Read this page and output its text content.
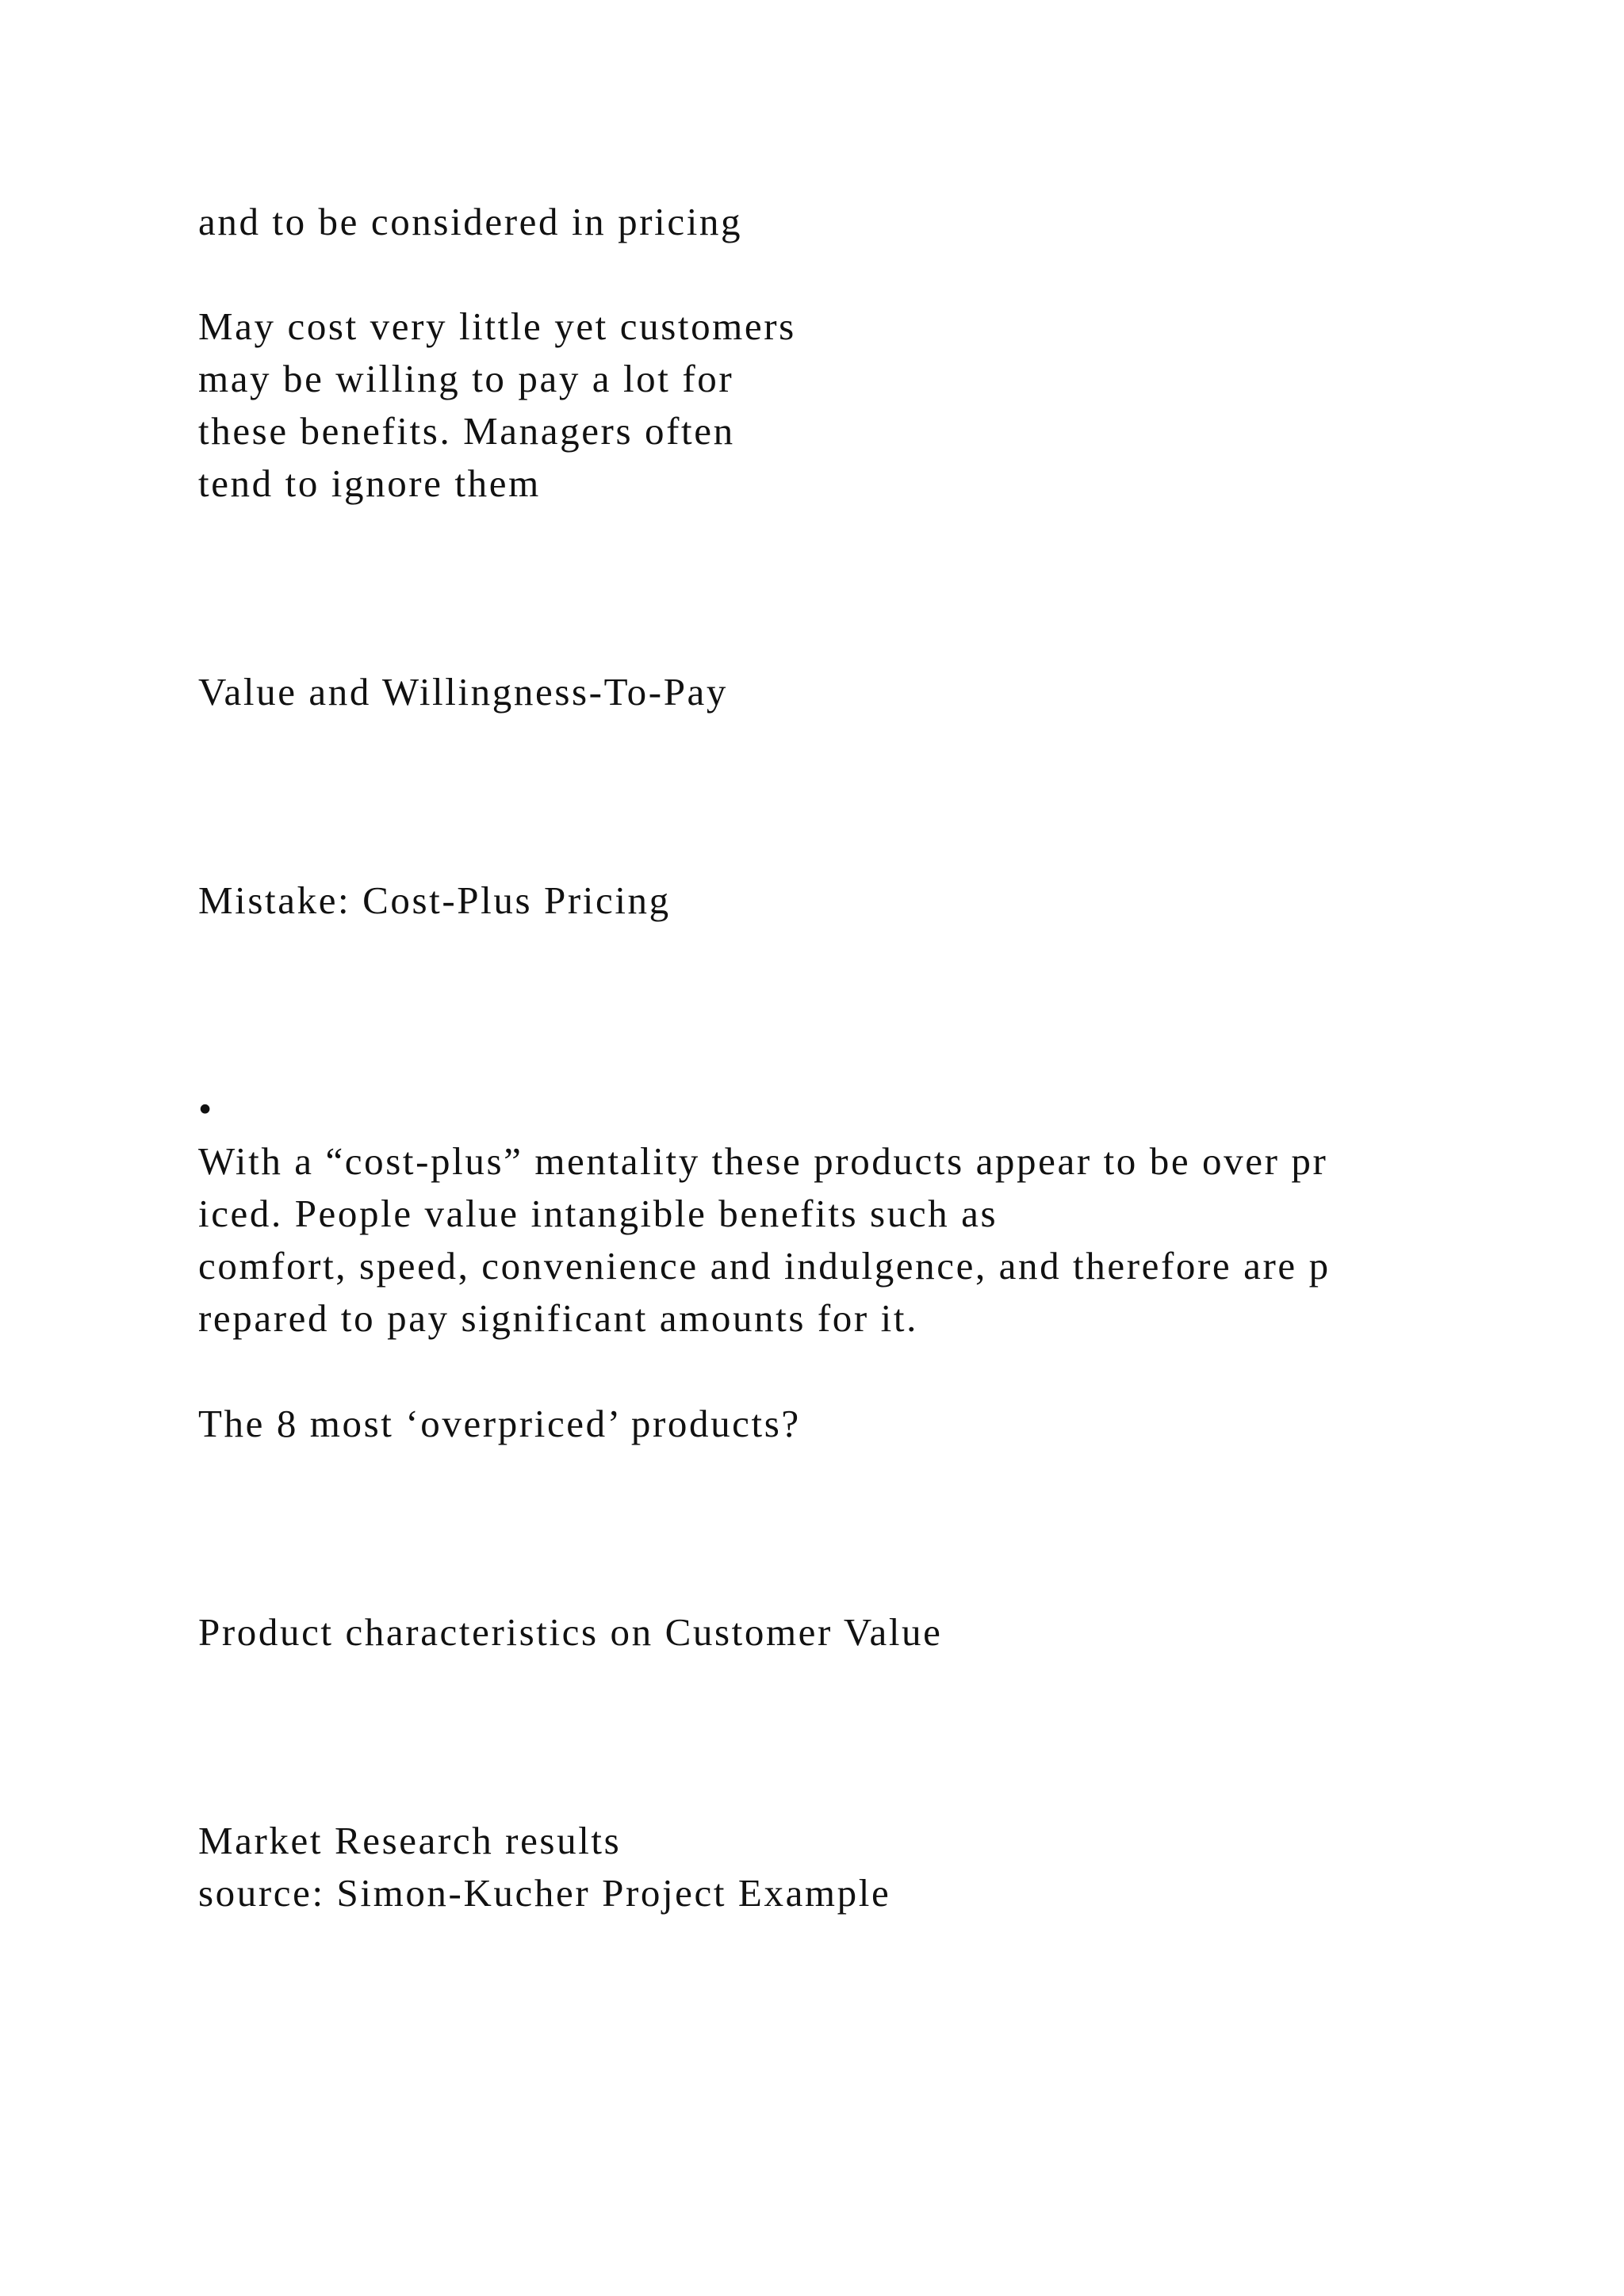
and to be considered in pricing
May cost very little yet customers
may be willing to pay a lot for
these benefits. Managers often
tend to ignore them
Value and Willingness-To-Pay
Mistake: Cost-Plus Pricing
•
With a “cost-plus” mentality these products appear to be over pr
iced. People value intangible benefits such as
comfort, speed, convenience and indulgence, and therefore are p
repared to pay significant amounts for it.
The 8 most ‘overpriced’ products?
Product characteristics on Customer Value
Market Research results
source: Simon-Kucher Project Example
